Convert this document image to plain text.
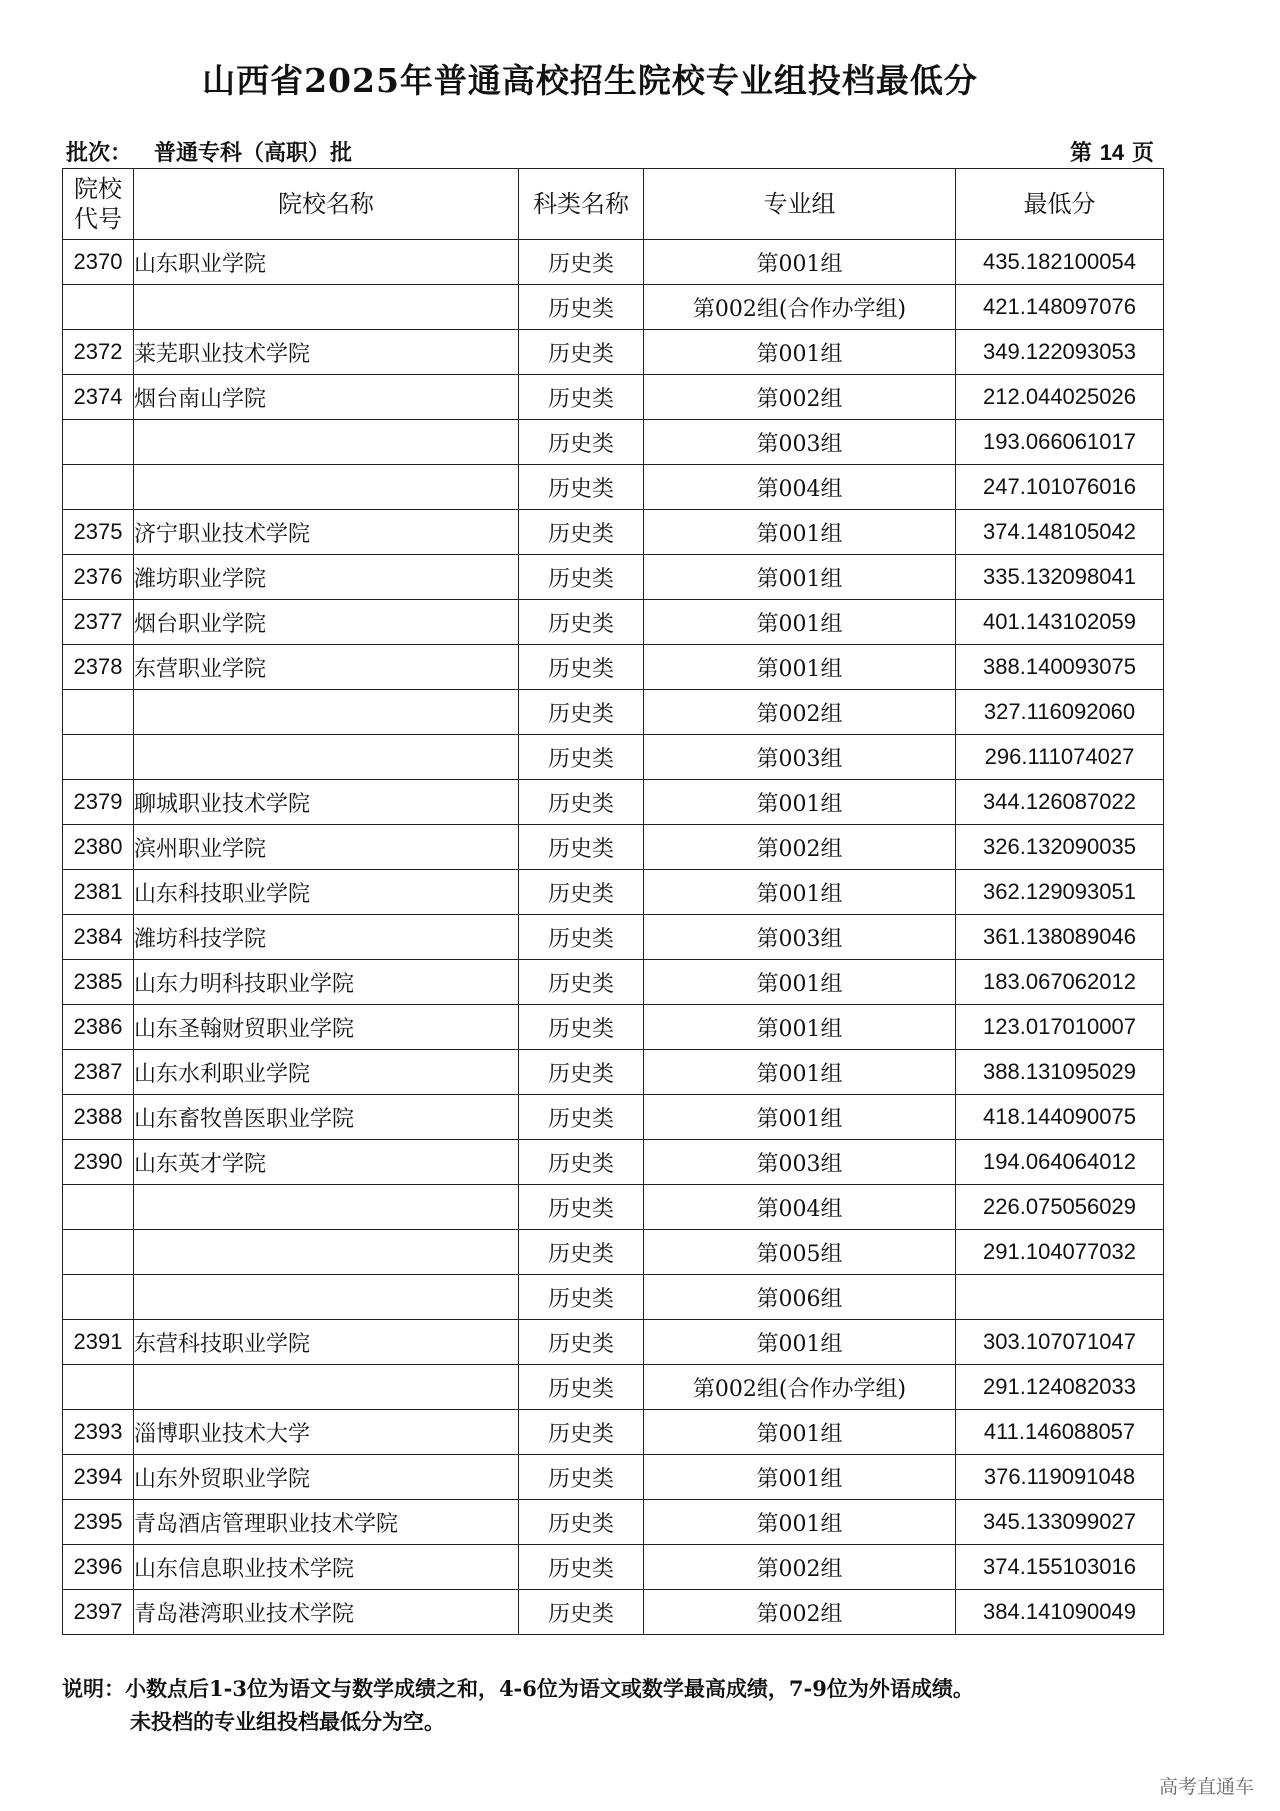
山西省2025年普通高校招生院校专业组投档最低分
批次： 普通专科（高职）批	第 14 页
院校
代号	院校名称	科类名称	专业组	最低分
2370	山东职业学院	历史类	第001组	435.182100054
		历史类	第002组(合作办学组)	421.148097076
2372	莱芜职业技术学院	历史类	第001组	349.122093053
2374	烟台南山学院	历史类	第002组	212.044025026
		历史类	第003组	193.066061017
		历史类	第004组	247.101076016
2375	济宁职业技术学院	历史类	第001组	374.148105042
2376	潍坊职业学院	历史类	第001组	335.132098041
2377	烟台职业学院	历史类	第001组	401.143102059
2378	东营职业学院	历史类	第001组	388.140093075
		历史类	第002组	327.116092060
		历史类	第003组	296.111074027
2379	聊城职业技术学院	历史类	第001组	344.126087022
2380	滨州职业学院	历史类	第002组	326.132090035
2381	山东科技职业学院	历史类	第001组	362.129093051
2384	潍坊科技学院	历史类	第003组	361.138089046
2385	山东力明科技职业学院	历史类	第001组	183.067062012
2386	山东圣翰财贸职业学院	历史类	第001组	123.017010007
2387	山东水利职业学院	历史类	第001组	388.131095029
2388	山东畜牧兽医职业学院	历史类	第001组	418.144090075
2390	山东英才学院	历史类	第003组	194.064064012
		历史类	第004组	226.075056029
		历史类	第005组	291.104077032
		历史类	第006组	
2391	东营科技职业学院	历史类	第001组	303.107071047
		历史类	第002组(合作办学组)	291.124082033
2393	淄博职业技术大学	历史类	第001组	411.146088057
2394	山东外贸职业学院	历史类	第001组	376.119091048
2395	青岛酒店管理职业技术学院	历史类	第001组	345.133099027
2396	山东信息职业技术学院	历史类	第002组	374.155103016
2397	青岛港湾职业技术学院	历史类	第002组	384.141090049
说明：小数点后1-3位为语文与数学成绩之和，4-6位为语文或数学最高成绩，7-9位为外语成绩。
未投档的专业组投档最低分为空。
高考直通车
